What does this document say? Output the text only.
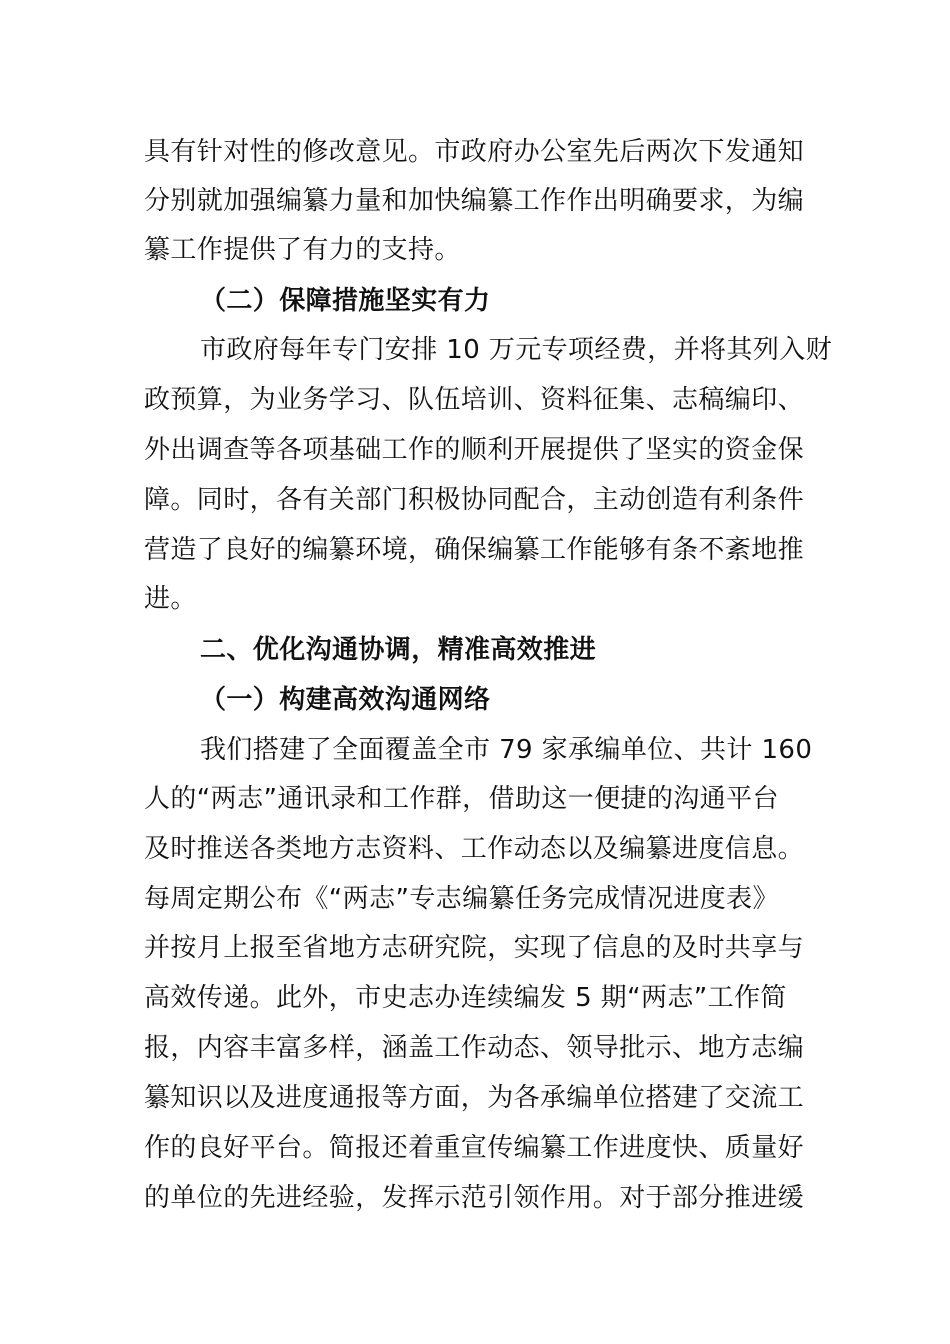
具有针对性的修改意见。市政府办公室先后两次下发通知
分别就加强编纂力量和加快编纂工作作出明确要求，为编
纂工作提供了有力的支持。
（二）保障措施坚实有力
市政府每年专门安排 10 万元专项经费，并将其列入财
政预算，为业务学习、队伍培训、资料征集、志稿编印、
外出调查等各项基础工作的顺利开展提供了坚实的资金保
障。同时，各有关部门积极协同配合，主动创造有利条件
营造了良好的编纂环境，确保编纂工作能够有条不紊地推
进。
二、优化沟通协调，精准高效推进
（一）构建高效沟通网络
我们搭建了全面覆盖全市 79 家承编单位、共计 160
人的“两志”通讯录和工作群，借助这一便捷的沟通平台
及时推送各类地方志资料、工作动态以及编纂进度信息。
每周定期公布《“两志”专志编纂任务完成情况进度表》
并按月上报至省地方志研究院，实现了信息的及时共享与
高效传递。此外，市史志办连续编发 5 期“两志”工作简
报，内容丰富多样，涵盖工作动态、领导批示、地方志编
纂知识以及进度通报等方面，为各承编单位搭建了交流工
作的良好平台。简报还着重宣传编纂工作进度快、质量好
的单位的先进经验，发挥示范引领作用。对于部分推进缓
